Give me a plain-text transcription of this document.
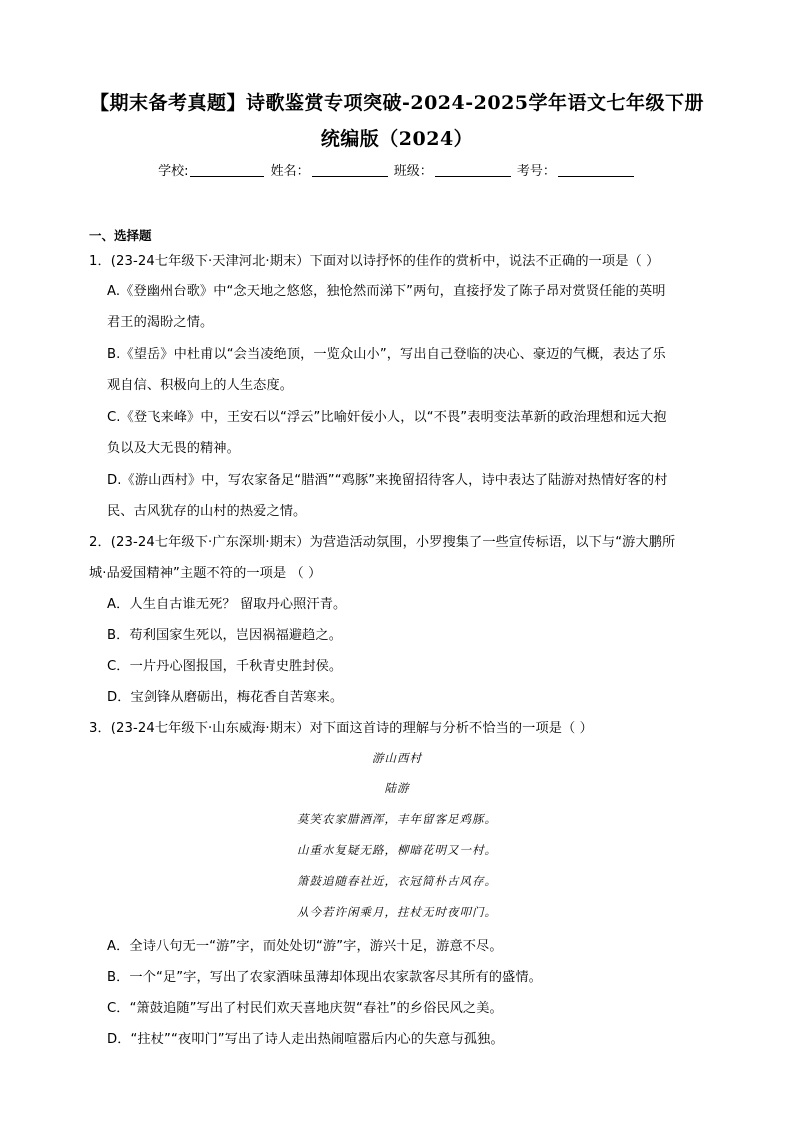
【期末备考真题】诗歌鉴赏专项突破-2024-2025学年语文七年级下册
统编版（2024）
学校:	姓名：	班级：	考号：
一、选择题
1．(23-24七年级下·天津河北·期末）下面对以诗抒怀的佳作的赏析中，说法不正确的一项是（ ）
A.《登幽州台歌》中“念天地之悠悠，独怆然而涕下”两句，直接抒发了陈子昂对赏贤任能的英明
君王的渴盼之情。
B.《望岳》中杜甫以“会当凌绝顶，一览众山小”，写出自己登临的决心、豪迈的气概，表达了乐
观自信、积极向上的人生态度。
C.《登飞来峰》中，王安石以“浮云”比喻奸佞小人，以“不畏”表明变法革新的政治理想和远大抱
负以及大无畏的精神。
D.《游山西村》中，写农家备足“腊酒”“鸡豚”来挽留招待客人，诗中表达了陆游对热情好客的村
民、古风犹存的山村的热爱之情。
2．(23-24七年级下·广东深圳·期末）为营造活动氛围，小罗搜集了一些宣传标语，以下与“游大鹏所
城·品爱国精神”主题不符的一项是 （ ）
A．人生自古谁无死？ 留取丹心照汗青。
B．苟利国家生死以，岂因祸福避趋之。
C．一片丹心图报国，千秋青史胜封侯。
D．宝剑锋从磨砺出，梅花香自苦寒来。
3．(23-24七年级下·山东威海·期末）对下面这首诗的理解与分析不恰当的一项是（ ）
游山西村
陆游
莫笑农家腊酒浑，丰年留客足鸡豚。
山重水复疑无路，柳暗花明又一村。
箫鼓追随春社近，衣冠简朴古风存。
从今若许闲乘月，拄杖无时夜叩门。
A．全诗八句无一“游”字，而处处切“游”字，游兴十足，游意不尽。
B．一个“足”字，写出了农家酒味虽薄却体现出农家款客尽其所有的盛情。
C．“箫鼓追随”写出了村民们欢天喜地庆贺“春社”的乡俗民风之美。
D．“拄杖”“夜叩门”写出了诗人走出热闹喧嚣后内心的失意与孤独。
